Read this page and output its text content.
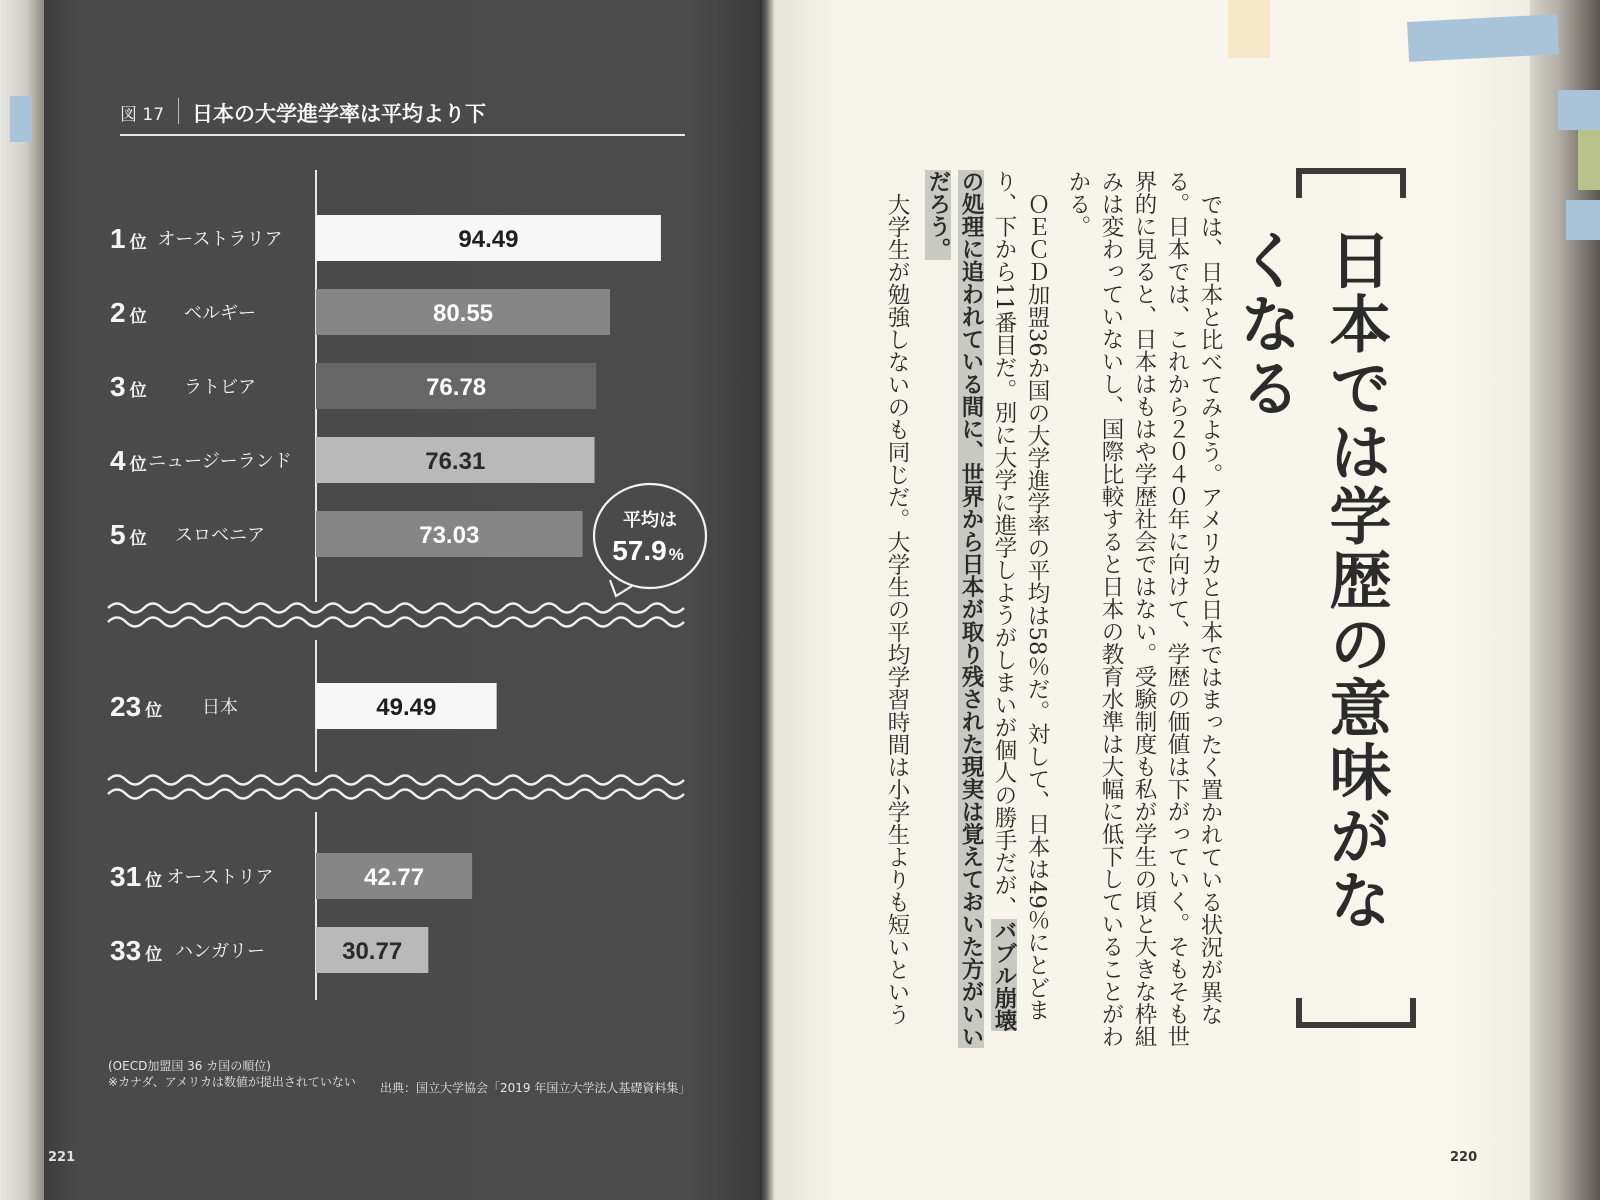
図 17 日本の大学進学率は平均より下
94.49
1 位 オーストラリア
80.55
2 位 ベルギー
76.78
3 位 ラトビア
76.31
4 位 ニュージーランド
73.03
5 位 スロベニア
49.49
23 位 日本
42.77
31 位 オーストリア
30.77
33 位 ハンガリー
平均は
57.9 %
(OECD加盟国 36 カ国の順位)
※カナダ、アメリカは数値が提出されていない 出典：国立大学協会「2019 年国立大学法人基礎資料集」
221	220
日本では学歴の意味がなくなる

では、日本と比べてみよう。アメリカと日本ではまったく置かれている状況が異なる。日本では、これから２０４０年に向けて、学歴の価値は下がっていく。そもそも世界的に見ると、日本はもはや学歴社会ではない。受験制度も私が学生の頃と大きな枠組みは変わっていないし、国際比較すると日本の教育水準は大幅に低下していることがわかる。

ＯＥＣＤ加盟36か国の大学進学率の平均は58％だ。対して、日本は49％にとどまり、下から11番目だ。別に大学に進学しようがしまいが個人の勝手だが、バブル崩壊の処理に追われている間に、世界から日本が取り残された現実は覚えておいた方がいいだろう。

大学生が勉強しないのも同じだ。大学生の平均学習時間は小学生よりも短いという
